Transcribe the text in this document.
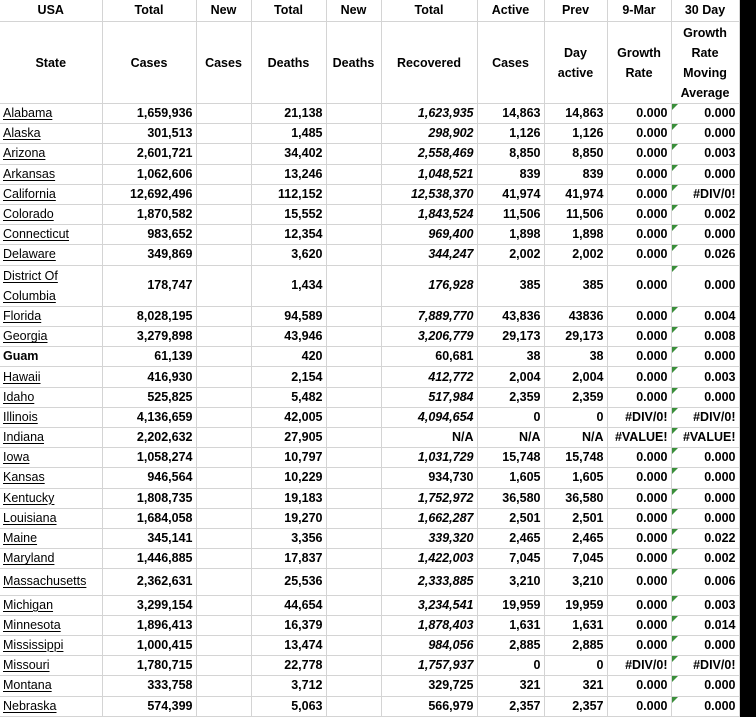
USA	Total	New	Total	New	Total	Active	Prev	9-Mar	30 Day
State	Cases	Cases	Deaths	Deaths	Recovered	Cases	Day active	Growth Rate	Growth Rate Moving Average
Alabama	1,659,936		21,138		1,623,935	14,863	14,863	0.000	0.000

Alaska	301,513		1,485		298,902	1,126	1,126	0.000	0.000

Arizona	2,601,721		34,402		2,558,469	8,850	8,850	0.000	0.003

Arkansas	1,062,606		13,246		1,048,521	839	839	0.000	0.000

California	12,692,496		112,152		12,538,370	41,974	41,974	0.000	#DIV/0!

Colorado	1,870,582		15,552		1,843,524	11,506	11,506	0.000	0.002

Connecticut	983,652		12,354		969,400	1,898	1,898	0.000	0.000

Delaware	349,869		3,620		344,247	2,002	2,002	0.000	0.026

District Of Columbia	178,747		1,434		176,928	385	385	0.000	0.000

Florida	8,028,195		94,589		7,889,770	43,836	43836	0.000	0.004

Georgia	3,279,898		43,946		3,206,779	29,173	29,173	0.000	0.008

Guam	61,139		420		60,681	38	38	0.000	0.000

Hawaii	416,930		2,154		412,772	2,004	2,004	0.000	0.003

Idaho	525,825		5,482		517,984	2,359	2,359	0.000	0.000

Illinois	4,136,659		42,005		4,094,654	0	0	#DIV/0!	#DIV/0!

Indiana	2,202,632		27,905		N/A	N/A	N/A	#VALUE!	#VALUE!

Iowa	1,058,274		10,797		1,031,729	15,748	15,748	0.000	0.000

Kansas	946,564		10,229		934,730	1,605	1,605	0.000	0.000

Kentucky	1,808,735		19,183		1,752,972	36,580	36,580	0.000	0.000

Louisiana	1,684,058		19,270		1,662,287	2,501	2,501	0.000	0.000

Maine	345,141		3,356		339,320	2,465	2,465	0.000	0.022

Maryland	1,446,885		17,837		1,422,003	7,045	7,045	0.000	0.002

Massachusetts	2,362,631		25,536		2,333,885	3,210	3,210	0.000	0.006

Michigan	3,299,154		44,654		3,234,541	19,959	19,959	0.000	0.003

Minnesota	1,896,413		16,379		1,878,403	1,631	1,631	0.000	0.014

Mississippi	1,000,415		13,474		984,056	2,885	2,885	0.000	0.000

Missouri	1,780,715		22,778		1,757,937	0	0	#DIV/0!	#DIV/0!

Montana	333,758		3,712		329,725	321	321	0.000	0.000

Nebraska	574,399		5,063		566,979	2,357	2,357	0.000	0.000
